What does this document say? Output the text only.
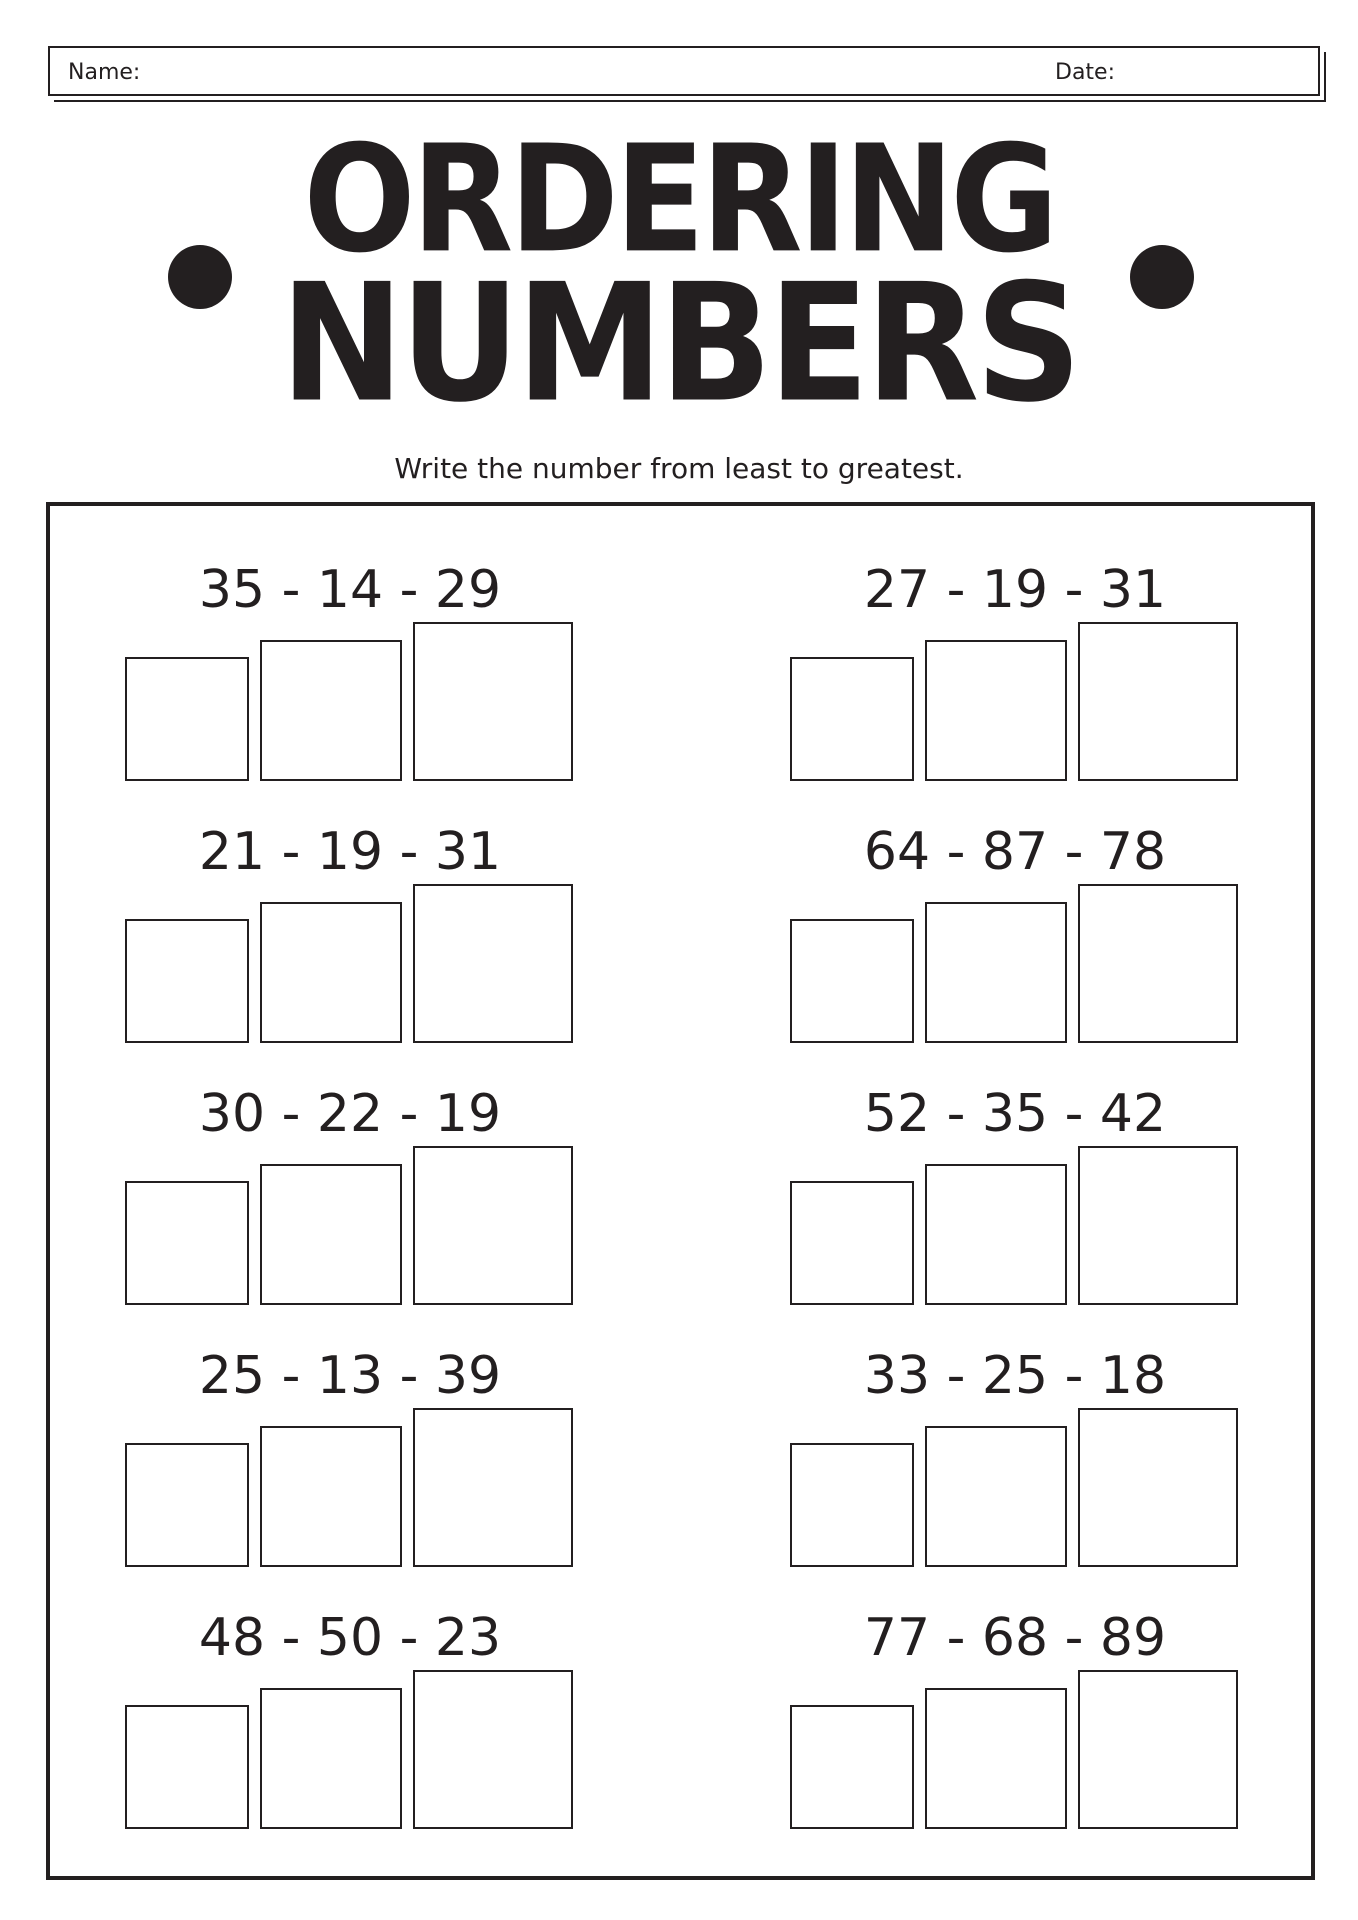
Name:	Date:
ORDERING
NUMBERS
Write the number from least to greatest.
35 - 14 - 29
21 - 19 - 31
30 - 22 - 19
25 - 13 - 39
48 - 50 - 23
27 - 19 - 31
64 - 87 - 78
52 - 35 - 42
33 - 25 - 18
77 - 68 - 89
